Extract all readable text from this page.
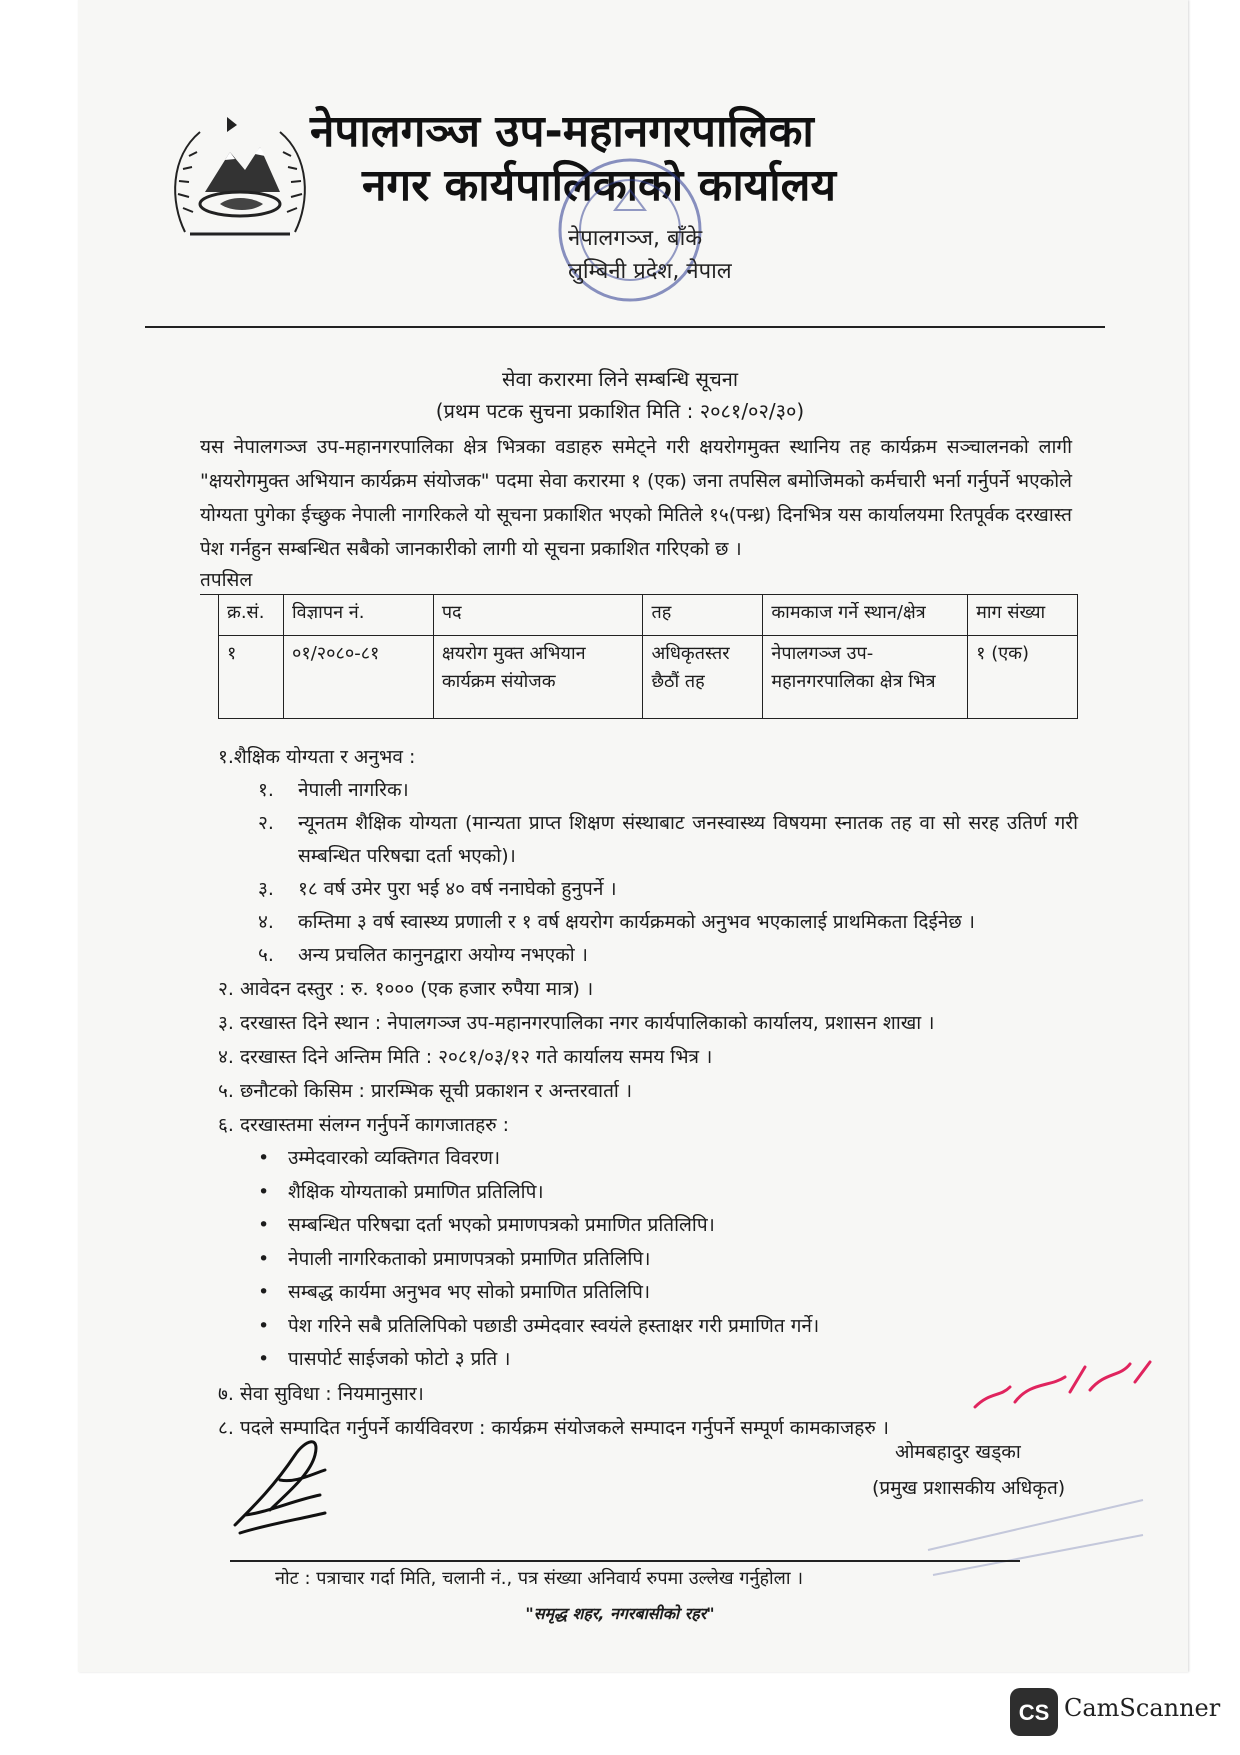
नेपालगञ्ज उप-महानगरपालिका
नगर कार्यपालिकाको कार्यालय
नेपालगञ्ज, बाँके
लुम्बिनी प्रदेश, नेपाल
सेवा करारमा लिने सम्बन्धि सूचना
(प्रथम पटक सुचना प्रकाशित मिति : २०८१/०२/३०)
यस नेपालगञ्ज उप-महानगरपालिका क्षेत्र भित्रका वडाहरु समेट्ने गरी क्षयरोगमुक्त स्थानिय तह कार्यक्रम सञ्चालनको लागी "क्षयरोगमुक्त अभियान कार्यक्रम संयोजक" पदमा सेवा करारमा १ (एक) जना तपसिल बमोजिमको कर्मचारी भर्ना गर्नुपर्ने भएकोले योग्यता पुगेका ईच्छुक नेपाली नागरिकले यो सूचना प्रकाशित भएको मितिले १५(पन्ध्र) दिनभित्र यस कार्यालयमा रितपूर्वक दरखास्त पेश गर्नहुन सम्बन्धित सबैको जानकारीको लागी यो सूचना प्रकाशित गरिएको छ ।
तपसिल
क्र.सं.	विज्ञापन नं.	पद	तह	कामकाज गर्ने स्थान/क्षेत्र	माग संख्या
१	०१/२०८०-८१	क्षयरोग मुक्त अभियान कार्यक्रम संयोजक	अधिकृतस्तर छैठौं तह	नेपालगञ्ज उप-महानगरपालिका क्षेत्र भित्र	१ (एक)

१.शैक्षिक योग्यता र अनुभव :

१.	नेपाली नागरिक।
२.	न्यूनतम शैक्षिक योग्यता (मान्यता प्राप्त शिक्षण संस्थाबाट जनस्वास्थ्य विषयमा स्नातक तह वा सो सरह उतिर्ण गरी सम्बन्धित परिषद्मा दर्ता भएको)।
३.	१८ वर्ष उमेर पुरा भई ४० वर्ष ननाघेको हुनुपर्ने ।
४.	कम्तिमा ३ वर्ष स्वास्थ्य प्रणाली र १ वर्ष क्षयरोग कार्यक्रमको अनुभव भएकालाई प्राथमिकता दिईनेछ ।
५.	अन्य प्रचलित कानुनद्वारा अयोग्य नभएको ।

२. आवेदन दस्तुर : रु. १००० (एक हजार रुपैया मात्र) ।

३. दरखास्त दिने स्थान : नेपालगञ्ज उप-महानगरपालिका नगर कार्यपालिकाको कार्यालय, प्रशासन शाखा ।

४. दरखास्त दिने अन्तिम मिति : २०८१/०३/१२ गते कार्यालय समय भित्र ।

५. छनौटको किसिम : प्रारम्भिक सूची प्रकाशन र अन्तरवार्ता ।

६. दरखास्तमा संलग्न गर्नुपर्ने कागजातहरु :

• उम्मेदवारको व्यक्तिगत विवरण।
• शैक्षिक योग्यताको प्रमाणित प्रतिलिपि।
• सम्बन्धित परिषद्मा दर्ता भएको प्रमाणपत्रको प्रमाणित प्रतिलिपि।
• नेपाली नागरिकताको प्रमाणपत्रको प्रमाणित प्रतिलिपि।
• सम्बद्ध कार्यमा अनुभव भए सोको प्रमाणित प्रतिलिपि।
• पेश गरिने सबै प्रतिलिपिको पछाडी उम्मेदवार स्वयंले हस्ताक्षर गरी प्रमाणित गर्ने।
• पासपोर्ट साईजको फोटो ३ प्रति ।

७. सेवा सुविधा : नियमानुसार।

८. पदले सम्पादित गर्नुपर्ने कार्यविवरण : कार्यक्रम संयोजकले सम्पादन गर्नुपर्ने सम्पूर्ण कामकाजहरु ।

ओमबहादुर खड्का
(प्रमुख प्रशासकीय अधिकृत)
नोट : पत्राचार गर्दा मिति, चलानी नं., पत्र संख्या अनिवार्य रुपमा उल्लेख गर्नुहोला ।
"समृद्ध शहर, नगरबासीको रहर"
CS CamScanner
